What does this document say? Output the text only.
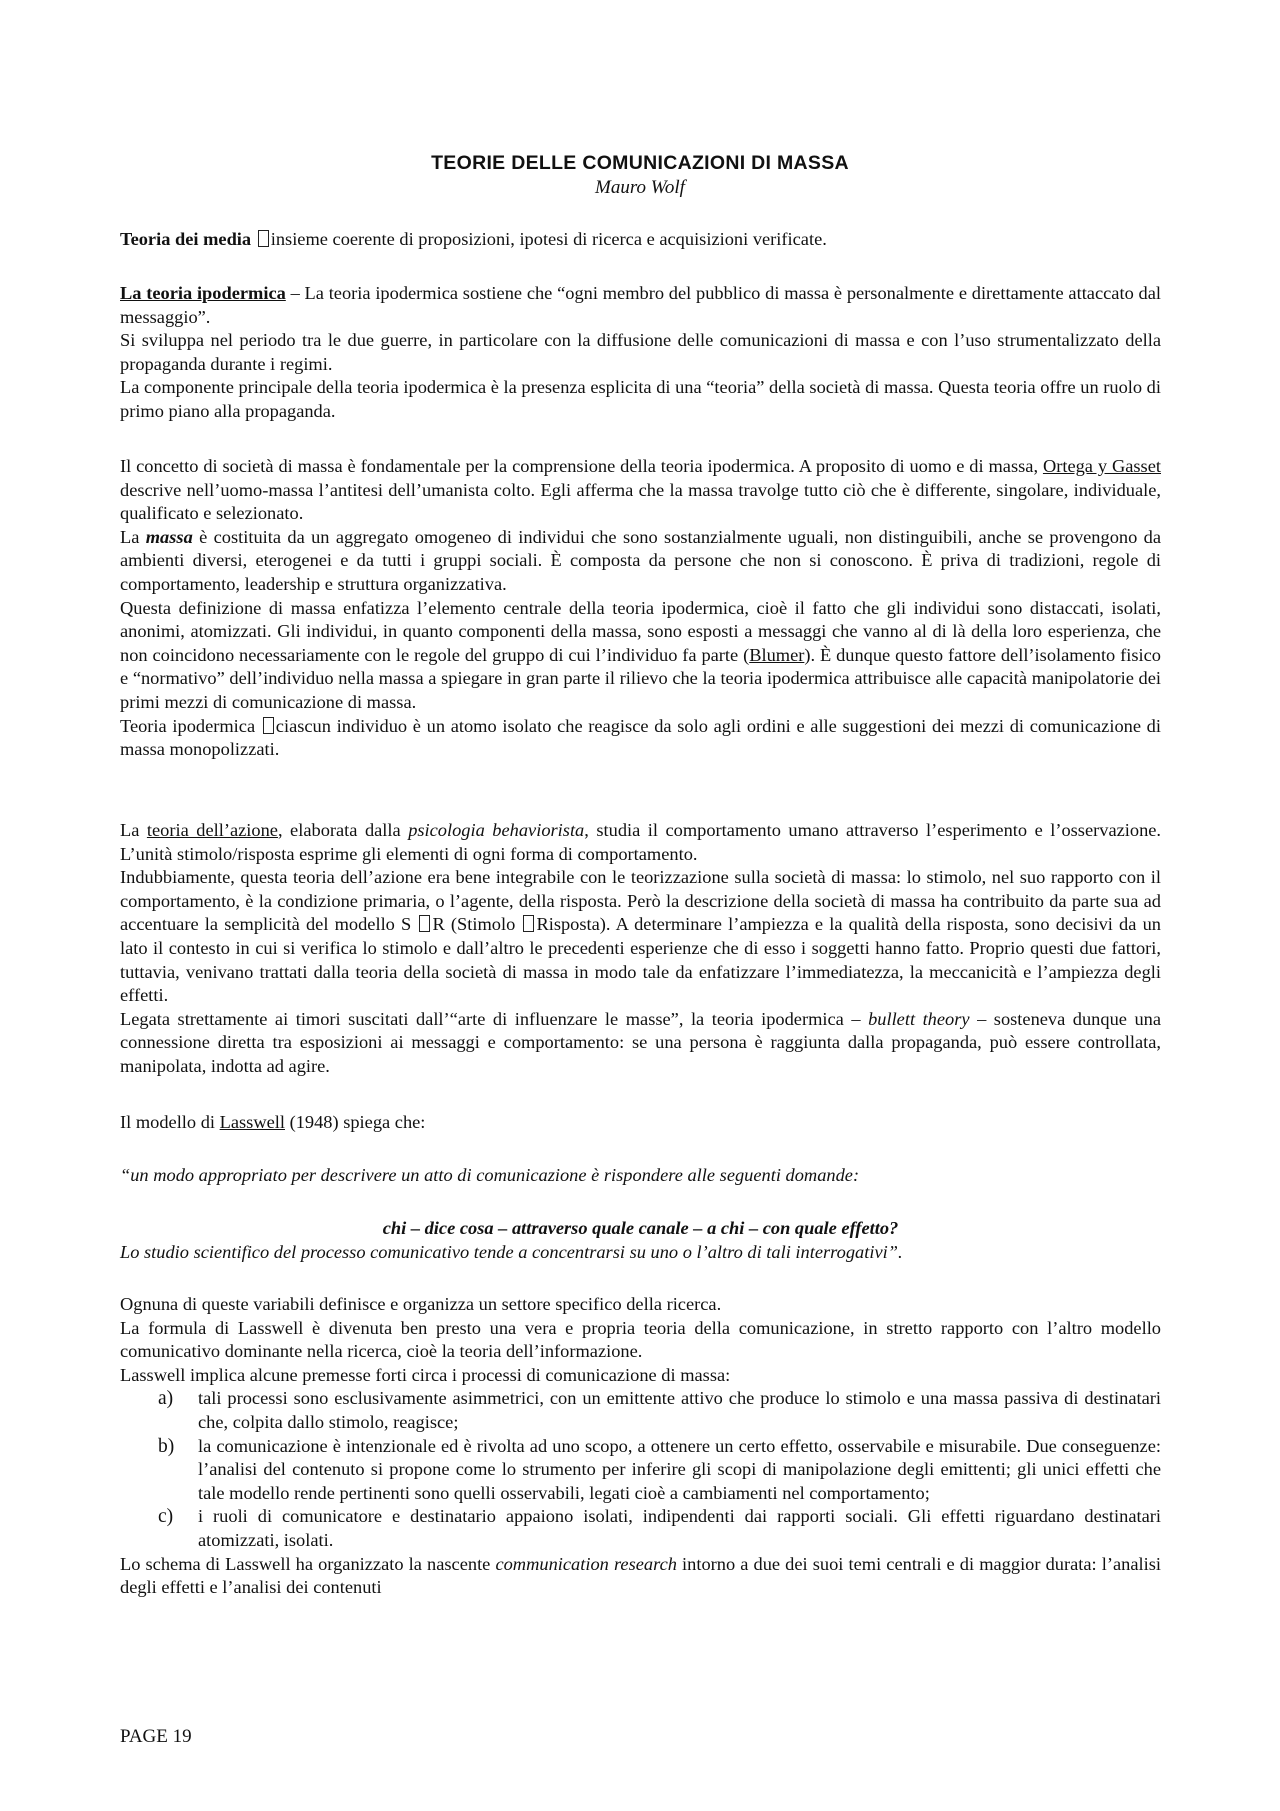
TEORIE DELLE COMUNICAZIONI DI MASSA
Mauro Wolf

Teoria dei media insieme coerente di proposizioni, ipotesi di ricerca e acquisizioni verificate.

La teoria ipodermica – La teoria ipodermica sostiene che “ogni membro del pubblico di massa è personalmente e direttamente attaccato dal messaggio”.

Si sviluppa nel periodo tra le due guerre, in particolare con la diffusione delle comunicazioni di massa e con l’uso strumentalizzato della propaganda durante i regimi.

La componente principale della teoria ipodermica è la presenza esplicita di una “teoria” della società di massa. Questa teoria offre un ruolo di primo piano alla propaganda.

Il concetto di società di massa è fondamentale per la comprensione della teoria ipodermica. A proposito di uomo e di massa, Ortega y Gasset descrive nell’uomo-massa l’antitesi dell’umanista colto. Egli afferma che la massa travolge tutto ciò che è differente, singolare, individuale, qualificato e selezionato.

La massa è costituita da un aggregato omogeneo di individui che sono sostanzialmente uguali, non distinguibili, anche se provengono da ambienti diversi, eterogenei e da tutti i gruppi sociali. È composta da persone che non si conoscono. È priva di tradizioni, regole di comportamento, leadership e struttura organizzativa.

Questa definizione di massa enfatizza l’elemento centrale della teoria ipodermica, cioè il fatto che gli individui sono distaccati, isolati, anonimi, atomizzati. Gli individui, in quanto componenti della massa, sono esposti a messaggi che vanno al di là della loro esperienza, che non coincidono necessariamente con le regole del gruppo di cui l’individuo fa parte (Blumer). È dunque questo fattore dell’isolamento fisico e “normativo” dell’individuo nella massa a spiegare in gran parte il rilievo che la teoria ipodermica attribuisce alle capacità manipolatorie dei primi mezzi di comunicazione di massa.

Teoria ipodermica ciascun individuo è un atomo isolato che reagisce da solo agli ordini e alle suggestioni dei mezzi di comunicazione di massa monopolizzati.

La teoria dell’azione, elaborata dalla psicologia behaviorista, studia il comportamento umano attraverso l’esperimento e l’osservazione. L’unità stimolo/risposta esprime gli elementi di ogni forma di comportamento.

Indubbiamente, questa teoria dell’azione era bene integrabile con le teorizzazione sulla società di massa: lo stimolo, nel suo rapporto con il comportamento, è la condizione primaria, o l’agente, della risposta. Però la descrizione della società di massa ha contribuito da parte sua ad accentuare la semplicità del modello S R (Stimolo Risposta). A determinare l’ampiezza e la qualità della risposta, sono decisivi da un lato il contesto in cui si verifica lo stimolo e dall’altro le precedenti esperienze che di esso i soggetti hanno fatto. Proprio questi due fattori, tuttavia, venivano trattati dalla teoria della società di massa in modo tale da enfatizzare l’immediatezza, la meccanicità e l’ampiezza degli effetti.

Legata strettamente ai timori suscitati dall’“arte di influenzare le masse”, la teoria ipodermica – bullett theory – sosteneva dunque una connessione diretta tra esposizioni ai messaggi e comportamento: se una persona è raggiunta dalla propaganda, può essere controllata, manipolata, indotta ad agire.

Il modello di Lasswell (1948) spiega che:

“un modo appropriato per descrivere un atto di comunicazione è rispondere alle seguenti domande:

chi – dice cosa – attraverso quale canale – a chi – con quale effetto?

Lo studio scientifico del processo comunicativo tende a concentrarsi su uno o l’altro di tali interrogativi”.

Ognuna di queste variabili definisce e organizza un settore specifico della ricerca.

La formula di Lasswell è divenuta ben presto una vera e propria teoria della comunicazione, in stretto rapporto con l’altro modello comunicativo dominante nella ricerca, cioè la teoria dell’informazione.

Lasswell implica alcune premesse forti circa i processi di comunicazione di massa:

a) tali processi sono esclusivamente asimmetrici, con un emittente attivo che produce lo stimolo e una massa passiva di destinatari che, colpita dallo stimolo, reagisce;
b) la comunicazione è intenzionale ed è rivolta ad uno scopo, a ottenere un certo effetto, osservabile e misurabile. Due conseguenze: l’analisi del contenuto si propone come lo strumento per inferire gli scopi di manipolazione degli emittenti; gli unici effetti che tale modello rende pertinenti sono quelli osservabili, legati cioè a cambiamenti nel comportamento;
c) i ruoli di comunicatore e destinatario appaiono isolati, indipendenti dai rapporti sociali. Gli effetti riguardano destinatari atomizzati, isolati.

Lo schema di Lasswell ha organizzato la nascente communication research intorno a due dei suoi temi centrali e di maggior durata: l’analisi degli effetti e l’analisi dei contenuti

PAGE 19
